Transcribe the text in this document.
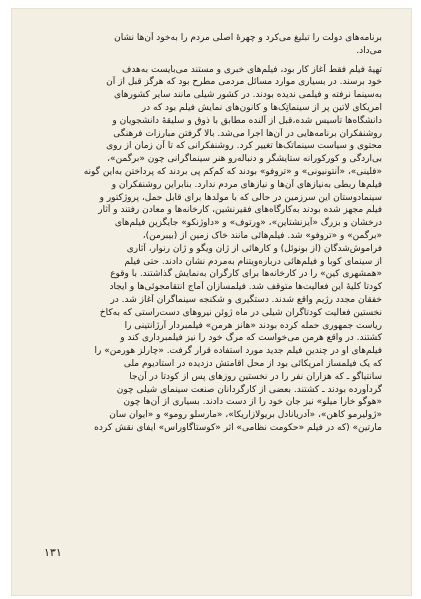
برنامه‌های دولت را تبلیغ می‌کرد و چهرهٔ اصلی مردم را به‌خود آن‌ها نشان
می‌داد.
تهیهٔ فیلم فقط آغاز کار بود، فیلم‌های خبری و مستند می‌بایست به‌هدف
خود برسند. در بسیاری موارد مسائل مردمی مطرح بود که هرگز قبل از آن
به‌سینما نرفته و فیلمی ندیده بودند. در کشور شیلی مانند سایر کشورهای
امریکای لاتین پر از سینماتِک‌ها و کانون‌های نمایش فیلم بود که در
دانشگاه‌ها تأسیس شده،قبل از آلنده مطابق با ذوق و سلیقهٔ دانشجویان و
روشنفکران برنامه‌هایی در آن‌ها اجرا می‌شد. بالا گرفتن مبارزات فرهنگی
محتوی و سیاست سینماتک‌ها تغییر کرد. روشنفکرانی که تا آن زمان از روی
بی‌اردگی و کورکورانه ستایشگر و دنباله‌رو هنر سینماگرانی چون «برگمن»،
«فلینی»، «آنتونیونی» و «تروفو» بودند که کم‌کم پی بردند که پرداختن به‌این گونه
فیلم‌ها ربطی به‌نیازهای آن‌ها و نیازهای مردم ندارد. بنابراین روشنفکران و
سینمادوستان این سرزمین در حالی که با مولدها برای قابل حمل، پروژکتور و
فیلم مجهز شده بودند به‌کارگاه‌های فقیرنشین، کارخانه‌ها و معادن رفتند و آثار
درخشان و بزرگ «آیزنشتاین»، «وِرتوف» و «داوژنکو» جایگزین فیلم‌های
«برگمن» و «تروفو» شد. فیلم‌هائی مانند خاک زمین از (بیبرمن)،
فراموش‌شدگان (از بونوئل) و کارهائی از ژان ویگو و ژان رنوار، آثاری
از سینمای کوبا و فیلم‌هائی درباره‌ویتنام به‌مردم نشان دادند. حتی فیلم
«همشهری کین» را در کارخانه‌ها برای کارگران به‌نمایش گذاشتند. با وقوع
کودتا کلیهٔ این فعالیت‌ها متوقف شد. فیلمسازان آماج انتقامجوئی‌ها و ایجاد
خفقان مجدد رژیم واقع شدند. دستگیری و شکنجه سینماگران آغاز شد. در
نخستین فعالیت کودتاگران شیلی در ماه ژوئن نیروهای دست‌راستی که به‌کاخ
ریاست جمهوری حمله کرده بودند «هانز هرمن» فیلمبردار آرژانتینی را
کشتند. در واقع هرمن می‌خواست که مرگ خود را نیز فیلمبرداری کند و
فیلم‌های او در چندین فیلم جدید مورد استفاده قرار گرفت. «چارلز هورمن» را
که یک فیلمساز امریکائی بود از محل اقامتش دزدیده در استادیوم ملی
سانتیاگو ـ که هزاران نفر را در نخستین روزهای پس از کودتا در آن‌جا
گردآورده بودند ـ کشتند. بعضی از کارگردانان صنعت سینمای شیلی چون
«هوگو خارا میلو» نیز جان خود را از دست دادند. بسیاری از آن‌ها چون
«ژولیرمو کاهن»، «آدریانادل بریولازاریکا»، «مارسلو رومو» و «ایوان سان
مارتین» (که در فیلم «حکومت نظامی» اثر «کوستاگاوراس» ایفای نقش کرده
۱۳۱
